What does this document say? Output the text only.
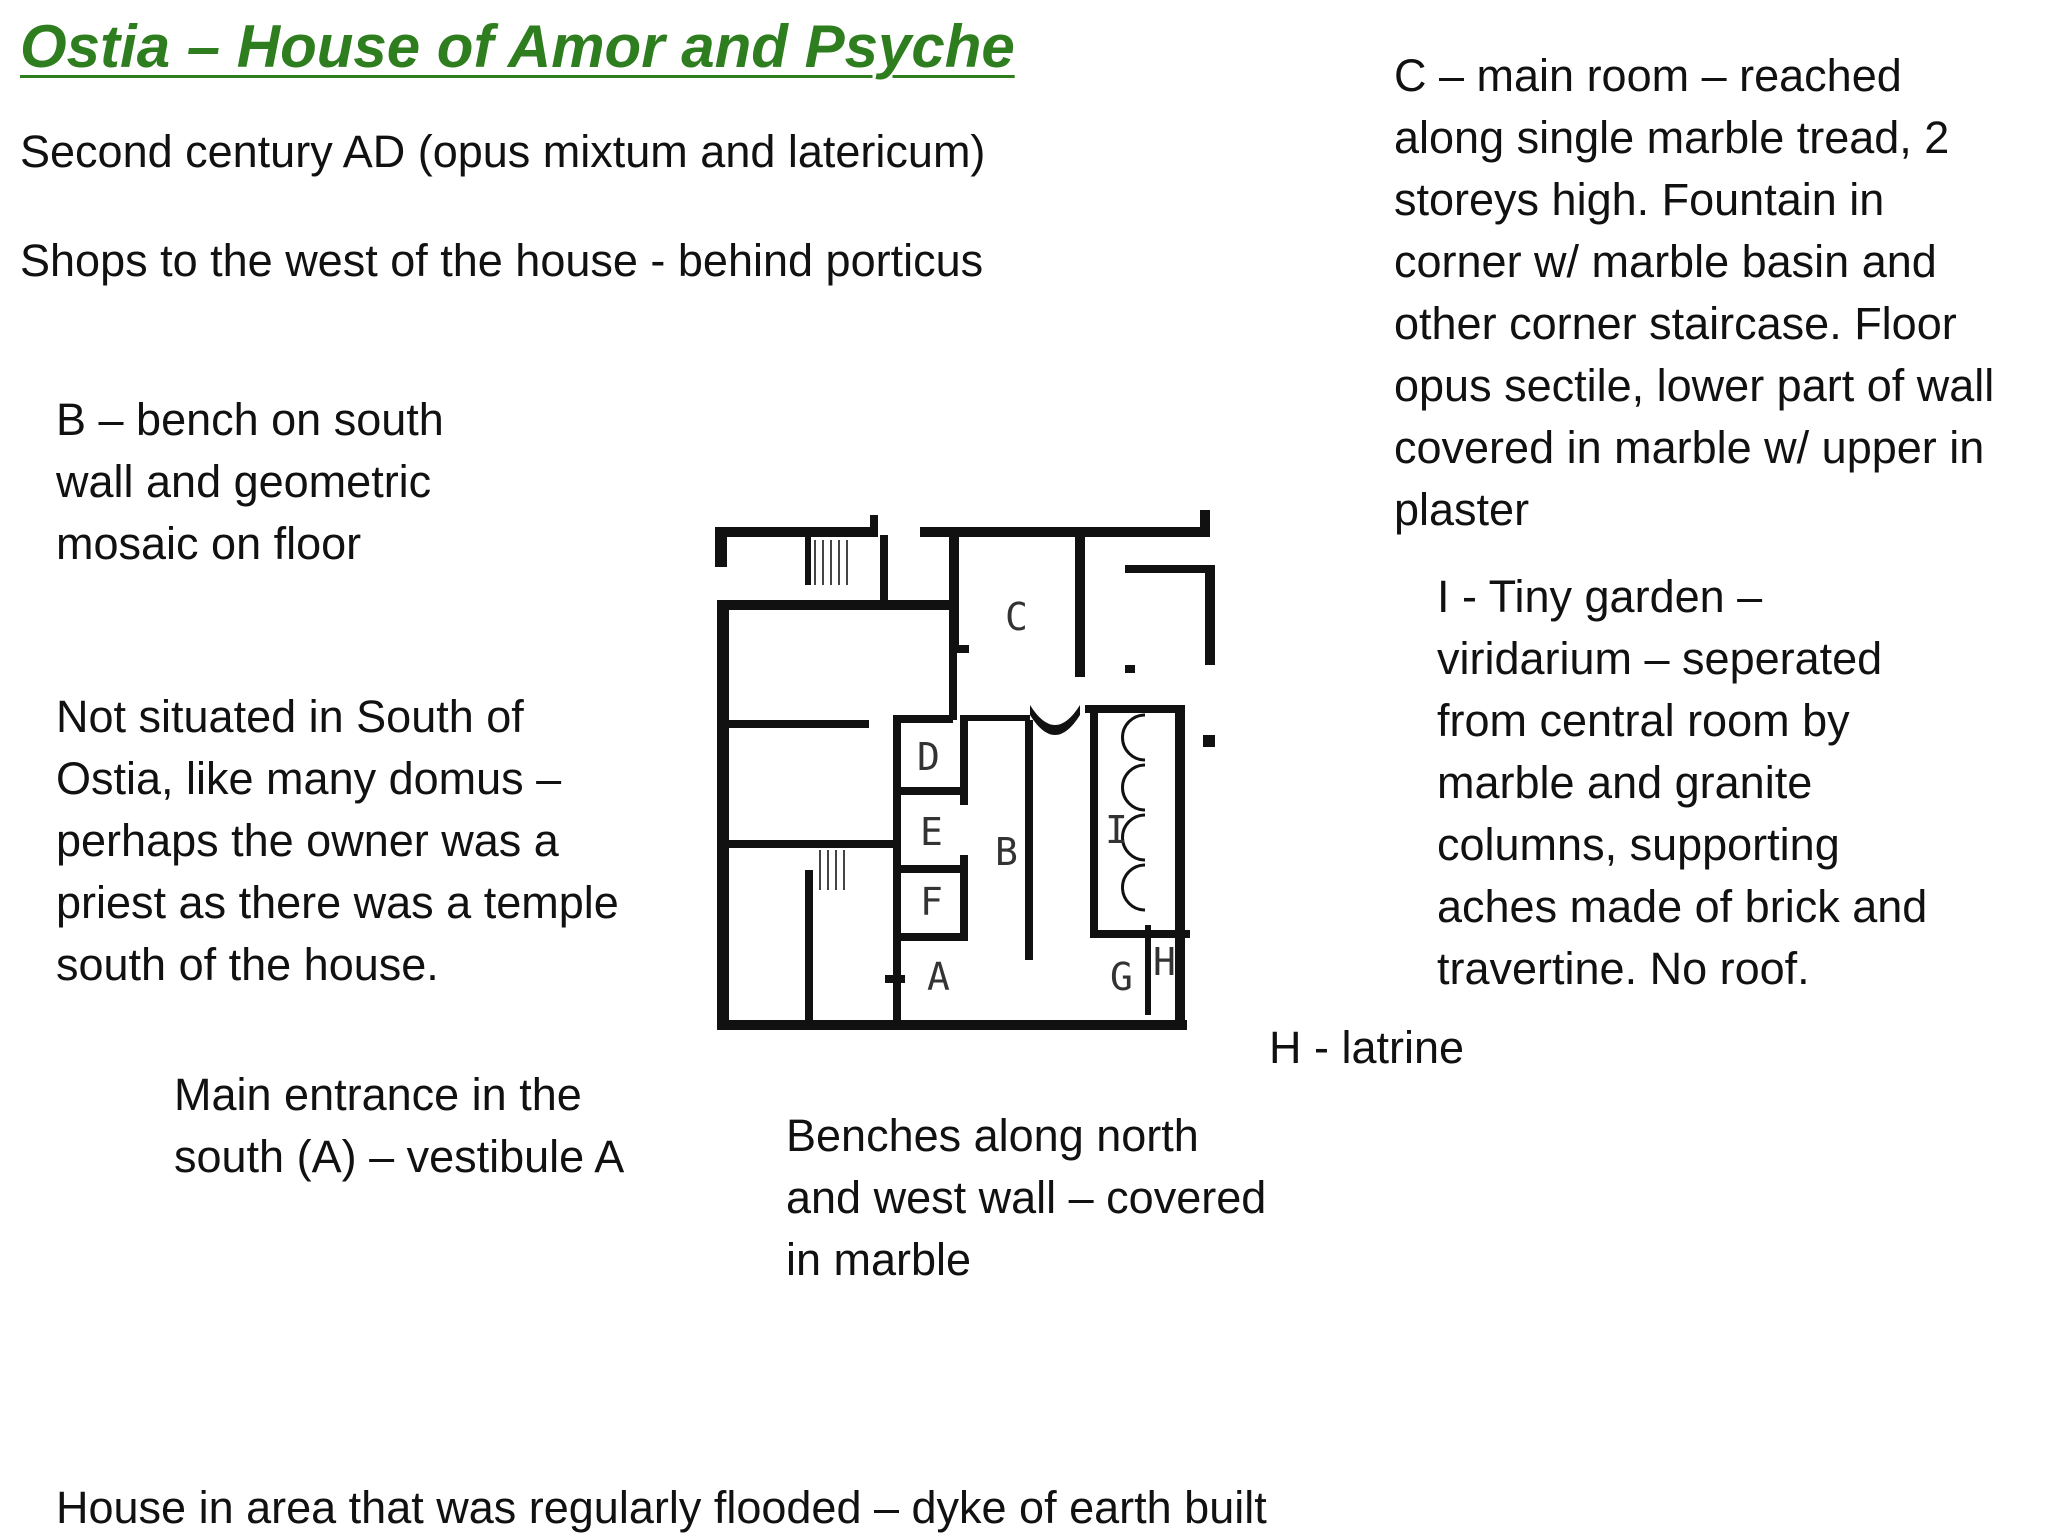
Ostia – House of Amor and Psyche

Second century AD (opus mixtum and latericum)

Shops to the west of the house - behind porticus

B – bench on south

wall and geometric

mosaic on floor

Not situated in South of

Ostia, like many domus –

perhaps the owner was a

priest as there was a temple

south of the house.

Main entrance in the

south (A) – vestibule A	Benches along north

and west wall – covered

in marble

C – main room – reached

along single marble tread, 2

storeys high. Fountain in

corner w/ marble basin and

other corner staircase. Floor

opus sectile, lower part of wall

covered in marble w/ upper in

plaster

I - Tiny garden –

viridarium – seperated

from central room by

marble and granite

columns, supporting

aches made of brick and

travertine. No roof.

H - latrine

House in area that was regularly flooded – dyke of earth built

C
D
E B I
F
A	G H
